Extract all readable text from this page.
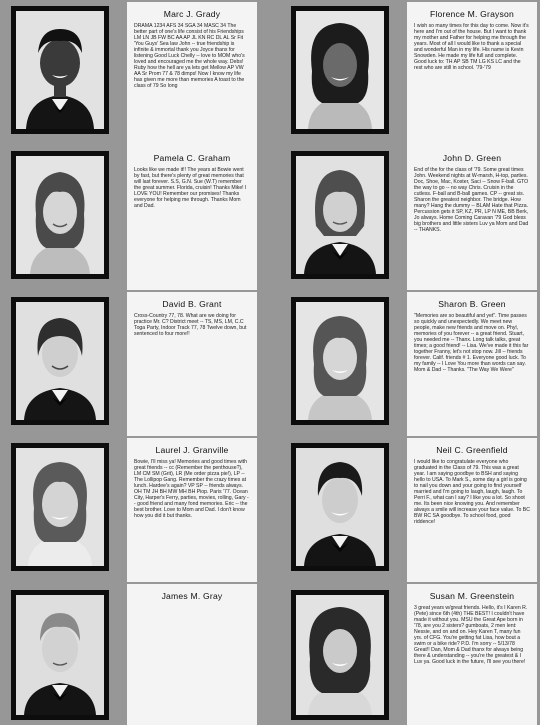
Marc J. Grady

DRAMA 1234 AFS 34 SGA 34 MASC 34 The better part of one's life consist of his Friendships LM LN JB FW BC AA AP JL KN RC DL AL Sr Fit 'You Guys' Sea law John -- true friendship is infinite & immortal thank you Joyce thanx for listening Good Luck Chelly -- love to MOM who's loved and encouraged me the whole way. Debs! Ruby how the hell are ya lets get Mellow AP VW AA Sr Prom 77 & 78 dimps! Now I know my life has given me more than memories A toast to the class of 79 So long

Pamela C. Graham

Looks like we made it!! The years at Bowie went by fast, but there's plenty of great memories that will last forever. S.S, G.N. Sue (W.T) remember the great summer. Florida, cruisin! Thanks Mike! I LOVE YOU! Remember our promises! Thanks everyone for helping me through. Thanks Mom and Dad.

David B. Grant

Cross-Country 77, 78. What are we doing for practice Mr. C? District meet -- TS, MS, LM, C.C Toga Party, Indoor Track 77, 78 Twelve down, but sentenced to four more!!

Laurel J. Granville

Bowie, I'll miss ya! Memories and good times with great friends -- cc (Remember the penthouse?), LM CM SM (Grit), LR (Me order pizza pie!), LP -- The Lollipop Gang. Remember the crazy times at lunch. Hardee's again? VP SP -- friends always. OH TM JH BH MW MH BH Piop. Paris '77. Ocean City, Harper's Ferry, parties, movies, rolling, Gary -- good friend and many fond memories. Eric -- the best brother. Love to Mom and Dad. I don't know how you did it but thanks.

James M. Gray

Florence M. Grayson

I wish so many times for this day to come. Now it's here and I'm out of the house. But I want to thank my mother and Father for helping me through the years. Most of all I would like to thank a special and wonderful Man in my life. His name is Kevin Snowden. He made my life full and complete. Good luck to: TH AP SB TM LG KS LC and the rest who are still in school. '79-'79

John D. Green

End of the for the class of '79. Some great times John. Weekend nights at W-marsh, H-top, parties. Doc, Shoe, Mac, Koster, Saci -- Snow F-ball. GTO the way to go -- no way Chris. Cruisin in the cutless. F-ball and B-ball games. CP -- great sis. Sharon the greatest neighbor. The bridge. How many? Hang the dummy -- BLAM Hate that Pizza. Percussion gets it SP, KZ, PR, LP N ME, BB Berk, Jo always. Home Coming Caravan '79 God bless big brothers and little sisters Luv ya Mom and Dad -- THANKS.

Sharon B. Green

"Memories are so beautiful and yet". Time passes so quickly and unexpectedly. We meet new people, make new friends and move on. Phyl, memories of you forever -- a great friend. Stuart, you needed me -- Thanx. Long talk talks, great times; a good friend! -- Lisa. We've made it this far together Franny, let's not stop now. Jill -- friends forever. Calif. friends # 1. Everyone good luck. To my family -- I Love You more than words can say. Mom & Dad -- Thanks. "The Way We Were"

Neil C. Greenfield

I would like to congratulate everyone who graduated in the Class of 79. This was a great year. I am saying goodbye to BSH and saying hello to USA. To Mark S., some day a girl is going to nail you down and your going to find yourself married and I'm going to laugh, laugh, laugh. To Perri F., what can I say? I like you a lot. So shoot me. Its been nice knowing you. And remember always a smile will increase your face value. To BC BW RC SA goodbye. To school food, good riddence!

Susan M. Greenstein

3 great years w/great friends. Hello, it's I Karen R. (Pete) since 6th (4th) THE BEST! I couldn't have made it without you. MSU the Great Ape born in '78, are you 2 sisters? gumboats, 2 men lent: Nessie, and on and on. Hey Karen T, many fun yrs. of CFG. You're getting fat Lisa, how bout a swim or a bike ride? P.D. I'm sorry -- 5/13/78 Great!! Dan, Mom & Dad thanx for always being there & understanding -- you're the greatest & I Luv ya. Good luck in the future, I'll see you there!
